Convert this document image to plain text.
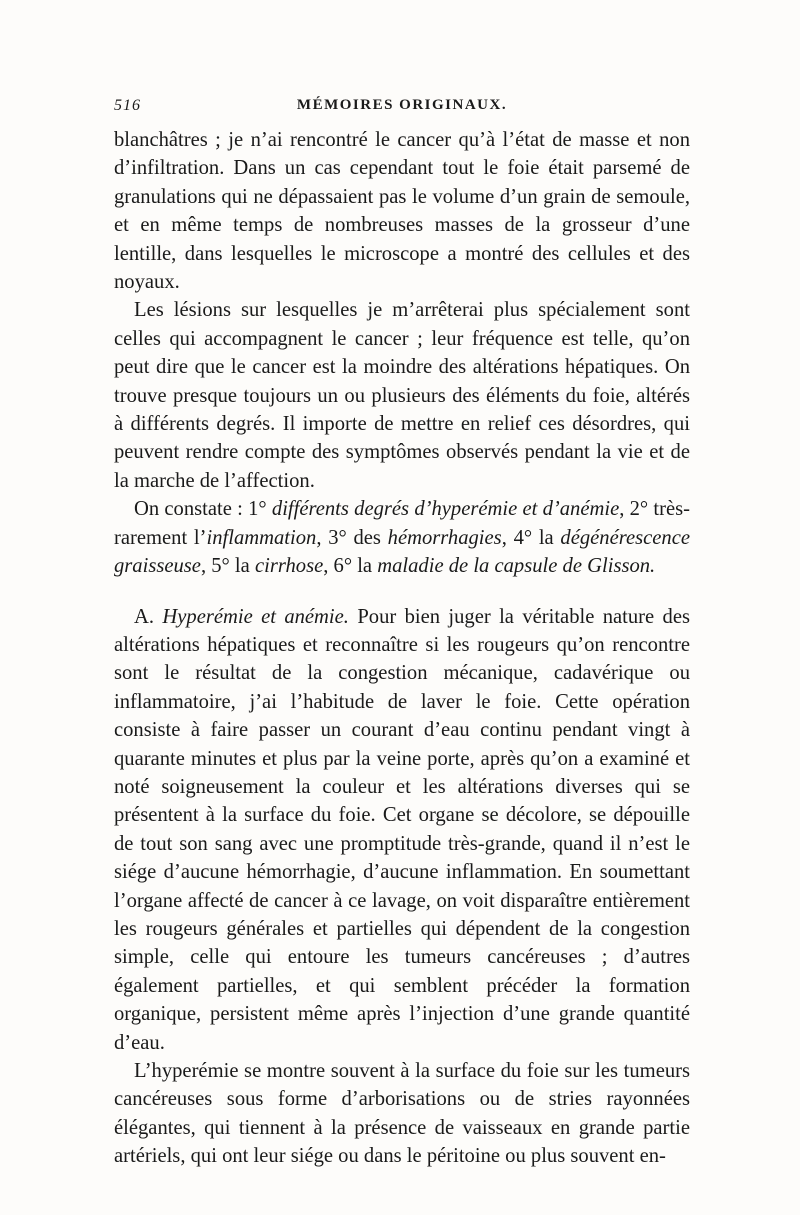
516	MÉMOIRES ORIGINAUX.

blanchâtres ; je n’ai rencontré le cancer qu’à l’état de masse et non d’infiltration. Dans un cas cependant tout le foie était parsemé de granulations qui ne dépassaient pas le volume d’un grain de semoule, et en même temps de nombreuses masses de la grosseur d’une lentille, dans lesquelles le microscope a montré des cellules et des noyaux.

Les lésions sur lesquelles je m’arrêterai plus spécialement sont celles qui accompagnent le cancer ; leur fréquence est telle, qu’on peut dire que le cancer est la moindre des altérations hépatiques. On trouve presque toujours un ou plusieurs des éléments du foie, altérés à différents degrés. Il importe de mettre en relief ces désordres, qui peuvent rendre compte des symptômes observés pendant la vie et de la marche de l’affection.

On constate : 1° différents degrés d’hyperémie et d’anémie, 2° très-rarement l’inflammation, 3° des hémorrhagies, 4° la dégénérescence graisseuse, 5° la cirrhose, 6° la maladie de la capsule de Glisson.

A. Hyperémie et anémie. Pour bien juger la véritable nature des altérations hépatiques et reconnaître si les rougeurs qu’on rencontre sont le résultat de la congestion mécanique, cadavérique ou inflammatoire, j’ai l’habitude de laver le foie. Cette opération consiste à faire passer un courant d’eau continu pendant vingt à quarante minutes et plus par la veine porte, après qu’on a examiné et noté soigneusement la couleur et les altérations diverses qui se présentent à la surface du foie. Cet organe se décolore, se dépouille de tout son sang avec une promptitude très-grande, quand il n’est le siége d’aucune hémorrhagie, d’aucune inflammation. En soumettant l’organe affecté de cancer à ce lavage, on voit disparaître entièrement les rougeurs générales et partielles qui dépendent de la congestion simple, celle qui entoure les tumeurs cancéreuses ; d’autres également partielles, et qui semblent précéder la formation organique, persistent même après l’injection d’une grande quantité d’eau.

L’hyperémie se montre souvent à la surface du foie sur les tumeurs cancéreuses sous forme d’arborisations ou de stries rayonnées élégantes, qui tiennent à la présence de vaisseaux en grande partie artériels, qui ont leur siége ou dans le péritoine ou plus souvent en-
